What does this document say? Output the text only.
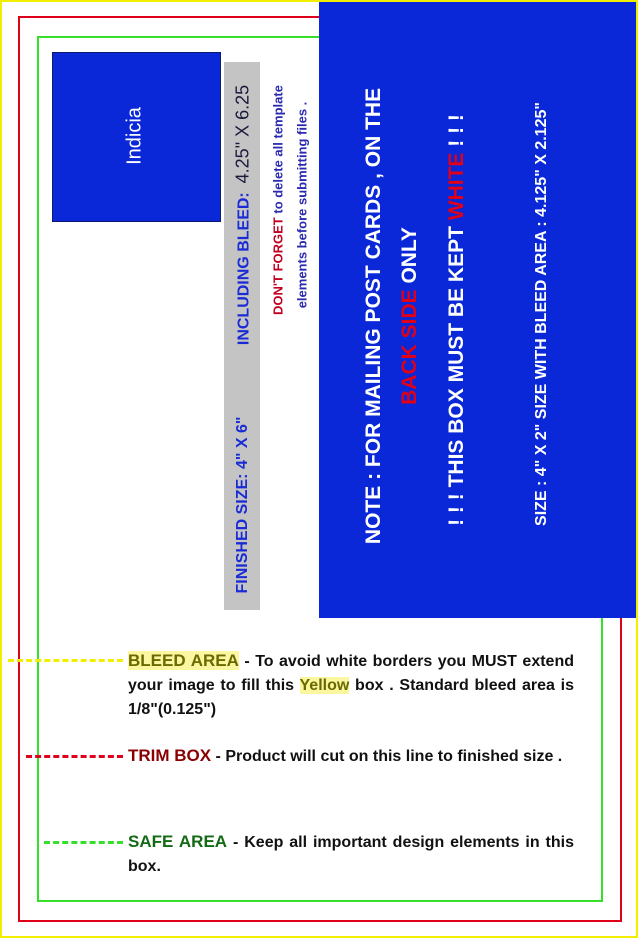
Indicia
FINISHED SIZE: 4" X 6"
INCLUDING BLEED:  4.25" X 6.25
DON'T FORGET to delete all template elements before submitting files .	NOTE : FOR MAILING POST CARDS , ON THE BACK SIDE ONLY ! ! ! THIS BOX MUST BE KEPT WHITE ! ! !	SIZE : 4" X 2" SIZE WITH BLEED AREA : 4.125" X 2.125"
BLEED AREA - To avoid white borders you MUST extend your image to fill this Yellow box . Standard bleed area is 1/8"(0.125")
TRIM BOX - Product will cut on this line to finished size .
SAFE AREA - Keep all important design elements in this box.
